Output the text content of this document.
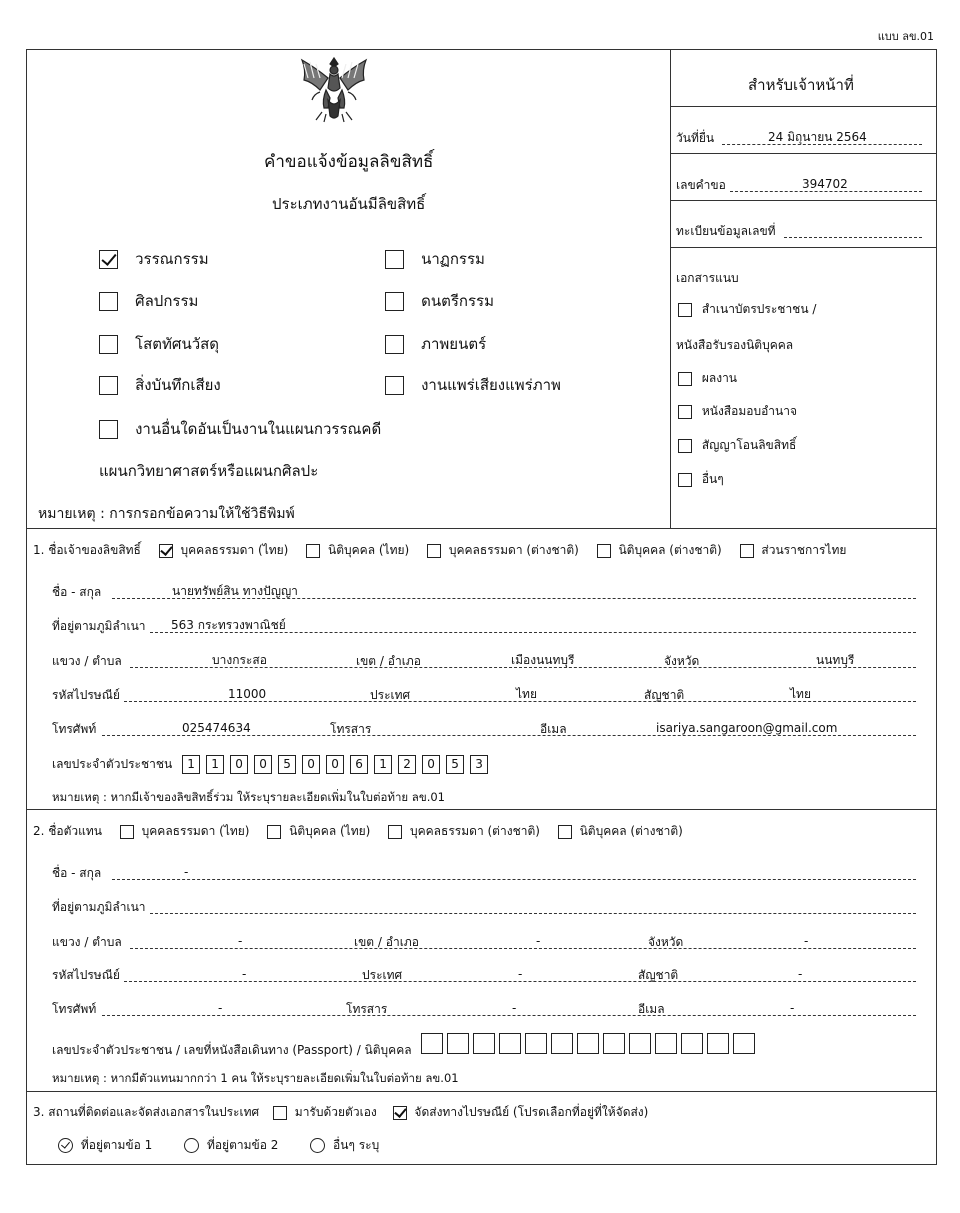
แบบ ลข.01
คำขอแจ้งข้อมูลลิขสิทธิ์
ประเภทงานอันมีลิขสิทธิ์
วรรณกรรม	นาฏกรรม
ศิลปกรรม	ดนตรีกรรม
โสตทัศนวัสดุ	ภาพยนตร์
สิ่งบันทึกเสียง	งานแพร่เสียงแพร่ภาพ
งานอื่นใดอันเป็นงานในแผนกวรรณคดี
แผนกวิทยาศาสตร์หรือแผนกศิลปะ
หมายเหตุ : การกรอกข้อความให้ใช้วิธีพิมพ์
สำหรับเจ้าหน้าที่
วันที่ยื่น	24 มิถุนายน 2564
เลขคำขอ	394702
ทะเบียนข้อมูลเลขที่
เอกสารแนบ
สำเนาบัตรประชาชน /
หนังสือรับรองนิติบุคคล
ผลงาน
หนังสือมอบอำนาจ
สัญญาโอนลิขสิทธิ์
อื่นๆ
1. ชื่อเจ้าของลิขสิทธิ์	บุคคลธรรมดา (ไทย)	นิติบุคคล (ไทย)	บุคคลธรรมดา (ต่างชาติ)	นิติบุคคล (ต่างชาติ)	ส่วนราชการไทย
ชื่อ - สกุล	นายทรัพย์สิน ทางปัญญา
ที่อยู่ตามภูมิลำเนา 563 กระทรวงพาณิชย์
แขวง / ตำบล	บางกระสอ	เขต / อำเภอ	เมืองนนทบุรี	จังหวัด	นนทบุรี
รหัสไปรษณีย์	11000	ประเทศ	ไทย	สัญชาติ	ไทย
โทรศัพท์	025474634	โทรสาร	อีเมล	isariya.sangaroon@gmail.com
เลขประจำตัวประชาชน 1 1 0 0 5 0 0 6 1 2 0 5 3
หมายเหตุ : หากมีเจ้าของลิขสิทธิ์ร่วม ให้ระบุรายละเอียดเพิ่มในใบต่อท้าย ลข.01
2. ชื่อตัวแทน	บุคคลธรรมดา (ไทย)	นิติบุคคล (ไทย)	บุคคลธรรมดา (ต่างชาติ)	นิติบุคคล (ต่างชาติ)
ชื่อ - สกุล	-
ที่อยู่ตามภูมิลำเนา
แขวง / ตำบล	-	เขต / อำเภอ	-	จังหวัด	-
รหัสไปรษณีย์	-	ประเทศ	-	สัญชาติ	-
โทรศัพท์	-	โทรสาร	-	อีเมล	-
เลขประจำตัวประชาชน / เลขที่หนังสือเดินทาง (Passport) / นิติบุคคล
หมายเหตุ : หากมีตัวแทนมากกว่า 1 คน ให้ระบุรายละเอียดเพิ่มในใบต่อท้าย ลข.01
3. สถานที่ติดต่อและจัดส่งเอกสารในประเทศ	มารับด้วยตัวเอง	จัดส่งทางไปรษณีย์ (โปรดเลือกที่อยู่ที่ให้จัดส่ง)
ที่อยู่ตามข้อ 1	ที่อยู่ตามข้อ 2	อื่นๆ ระบุ
